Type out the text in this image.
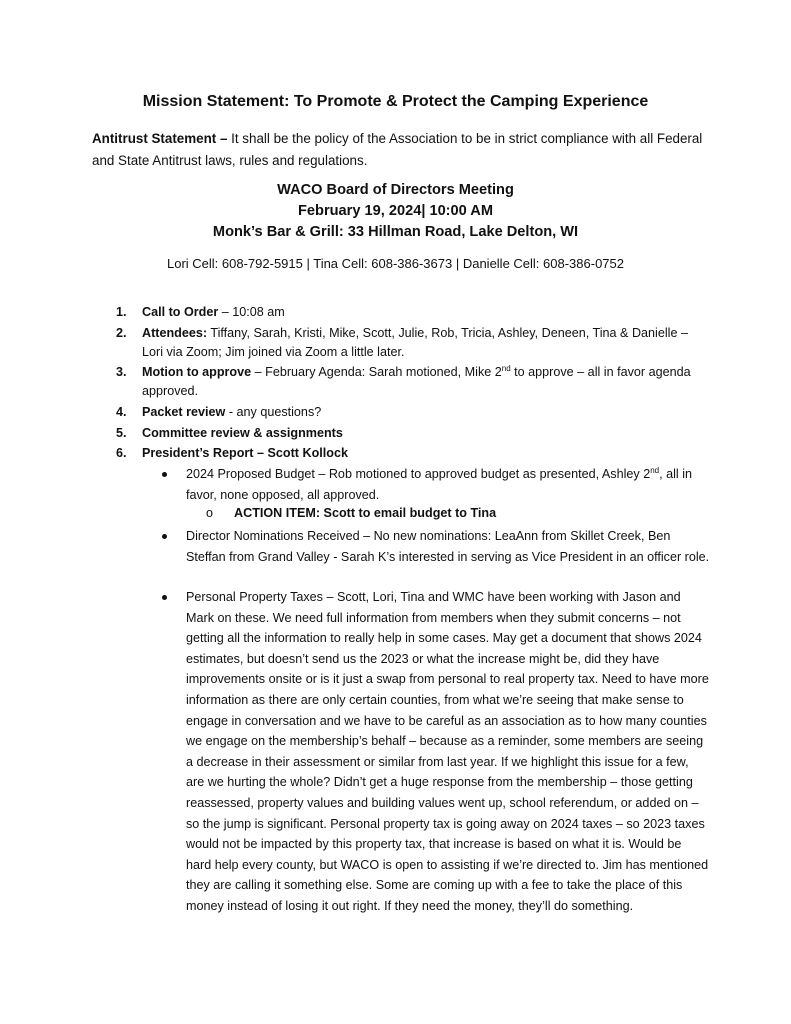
Mission Statement: To Promote & Protect the Camping Experience
Antitrust Statement – It shall be the policy of the Association to be in strict compliance with all Federal and State Antitrust laws, rules and regulations.
WACO Board of Directors Meeting
February 19, 2024| 10:00 AM
Monk’s Bar & Grill: 33 Hillman Road, Lake Delton, WI
Lori Cell: 608-792-5915 | Tina Cell: 608-386-3673 | Danielle Cell: 608-386-0752
1. Call to Order – 10:08 am
2. Attendees: Tiffany, Sarah, Kristi, Mike, Scott, Julie, Rob, Tricia, Ashley, Deneen, Tina & Danielle – Lori via Zoom; Jim joined via Zoom a little later.
3. Motion to approve – February Agenda: Sarah motioned, Mike 2nd to approve – all in favor agenda approved.
4. Packet review - any questions?
5. Committee review & assignments
6. President’s Report – Scott Kollock
2024 Proposed Budget – Rob motioned to approved budget as presented, Ashley 2nd, all in favor, none opposed, all approved.
o ACTION ITEM: Scott to email budget to Tina
Director Nominations Received – No new nominations: LeaAnn from Skillet Creek, Ben Steffan from Grand Valley - Sarah K’s interested in serving as Vice President in an officer role.
Personal Property Taxes – Scott, Lori, Tina and WMC have been working with Jason and Mark on these. We need full information from members when they submit concerns – not getting all the information to really help in some cases. May get a document that shows 2024 estimates, but doesn’t send us the 2023 or what the increase might be, did they have improvements onsite or is it just a swap from personal to real property tax. Need to have more information as there are only certain counties, from what we’re seeing that make sense to engage in conversation and we have to be careful as an association as to how many counties we engage on the membership’s behalf – because as a reminder, some members are seeing a decrease in their assessment or similar from last year. If we highlight this issue for a few, are we hurting the whole? Didn’t get a huge response from the membership – those getting reassessed, property values and building values went up, school referendum, or added on – so the jump is significant. Personal property tax is going away on 2024 taxes – so 2023 taxes would not be impacted by this property tax, that increase is based on what it is. Would be hard help every county, but WACO is open to assisting if we’re directed to. Jim has mentioned they are calling it something else. Some are coming up with a fee to take the place of this money instead of losing it out right. If they need the money, they’ll do something.
